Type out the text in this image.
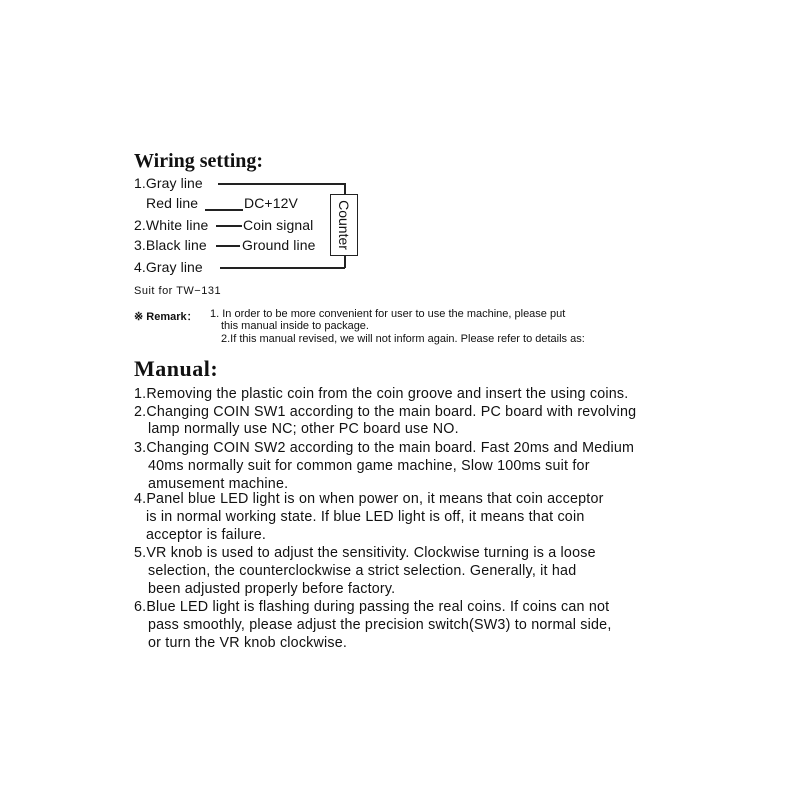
Wiring setting:
1.Gray line
Red line	DC+12V
2.White line Coin signal
3.Black line	Ground line
4.Gray line
Counter
Suit for TW−131
※ Remark： 1. In order to be more convenient for user to use the machine, please put
this manual inside to package.
2.If this manual revised, we will not inform again. Please refer to details as:
Manual:
1.Removing the plastic coin from the coin groove and insert the using coins.
2.Changing COIN SW1 according to the main board. PC board with revolving
lamp normally use NC; other PC board use NO.
3.Changing COIN SW2 according to the main board. Fast 20ms and Medium
40ms normally suit for common game machine, Slow 100ms suit for
amusement machine.
4.Panel blue LED light is on when power on, it means that coin acceptor
is in normal working state. If blue LED light is off, it means that coin
acceptor is failure.
5.VR knob is used to adjust the sensitivity. Clockwise turning is a loose
selection, the counterclockwise a strict selection. Generally, it had
been adjusted properly before factory.
6.Blue LED light is flashing during passing the real coins. If coins can not
pass smoothly, please adjust the precision switch(SW3) to normal side,
or turn the VR knob clockwise.
